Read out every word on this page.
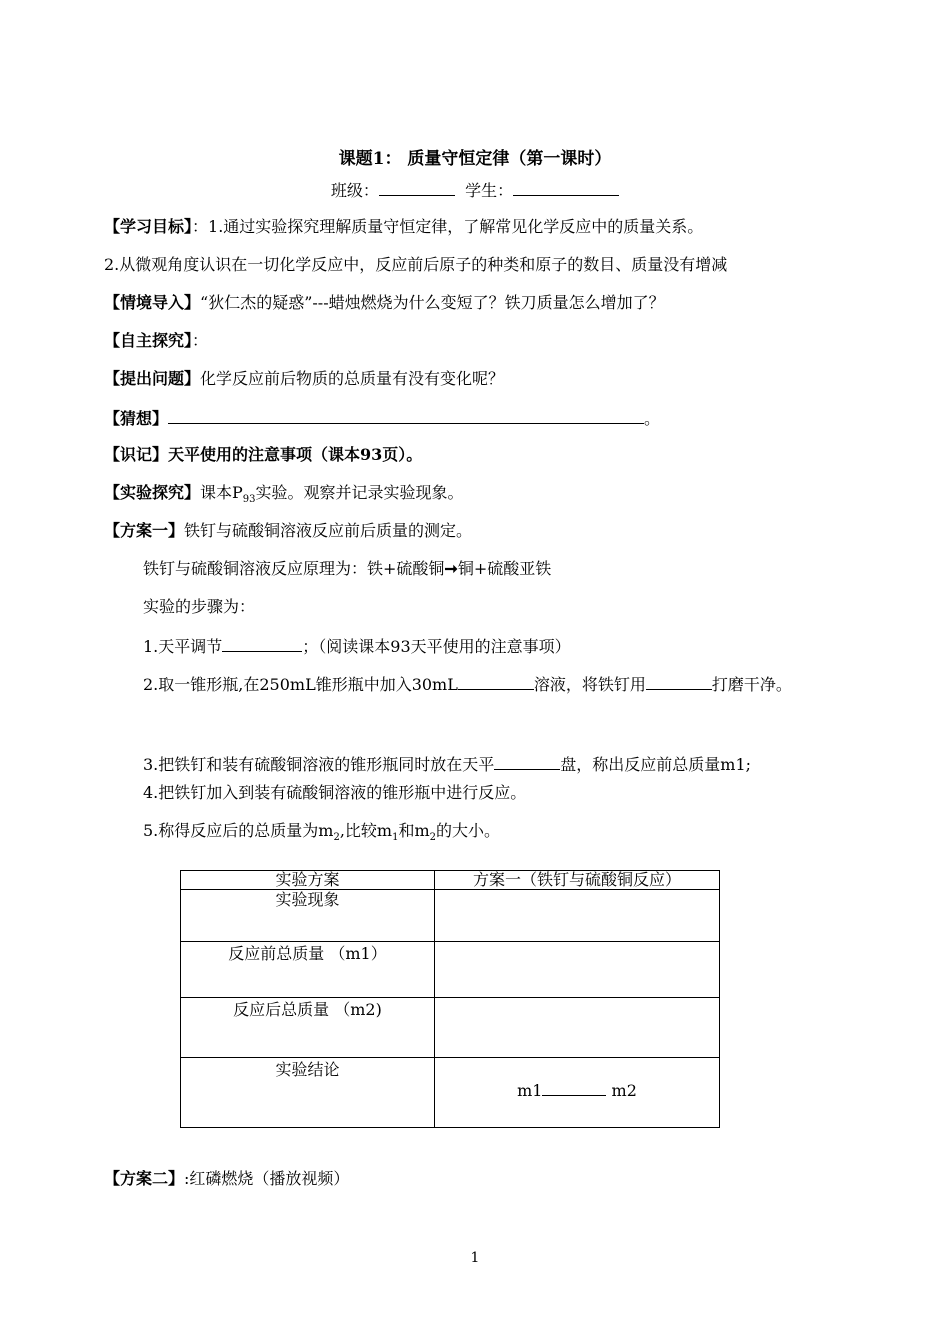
课题1： 质量守恒定律（第一课时）
班级：	学生：
【学习目标】：1.通过实验探究理解质量守恒定律，了解常见化学反应中的质量关系。
2.从微观角度认识在一切化学反应中，反应前后原子的种类和原子的数目、质量没有增减
【情境导入】“狄仁杰的疑惑”---蜡烛燃烧为什么变短了？铁刀质量怎么增加了？
【自主探究】：
【提出问题】化学反应前后物质的总质量有没有变化呢？
【猜想】	。
【识记】天平使用的注意事项（课本93页）。
【实验探究】课本$P_{93}$实验。观察并记录实验现象。
【方案一】铁钉与硫酸铜溶液反应前后质量的测定。
铁钉与硫酸铜溶液反应原理为：铁+硫酸铜➞铜+硫酸亚铁
实验的步骤为：
1.天平调节	；（阅读课本93天平使用的注意事项）
2.取一锥形瓶,在250mL锥形瓶中加入30mL	溶液，将铁钉用	打磨干净。
3.把铁钉和装有硫酸铜溶液的锥形瓶同时放在天平	盘，称出反应前总质量m1;
4.把铁钉加入到装有硫酸铜溶液的锥形瓶中进行反应。
5.称得反应后的总质量为$m_2$,比较$m_1$和$m_2$的大小。
实验方案	方案一（铁钉与硫酸铜反应）
实验现象	
反应前总质量 （m1）	
反应后总质量 （m2)	
实验结论	m1 m2
【方案二】:红磷燃烧（播放视频）
1
